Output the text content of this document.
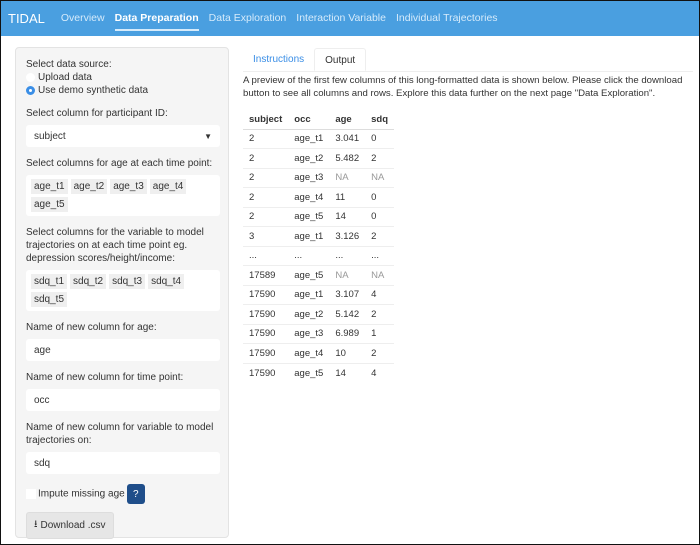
TIDAL Overview Data Preparation Data Exploration Interaction Variable Individual Trajectories
Select data source:
Upload data
Use demo synthetic data
Select column for participant ID:
subject	▼
Select columns for age at each time point:
age_t1 age_t2 age_t3 age_t4
age_t5
Select columns for the variable to model trajectories on at each time point eg. depression scores/height/income:
sdq_t1 sdq_t2 sdq_t3 sdq_t4
sdq_t5
Name of new column for age:
age
Name of new column for time point:
occ
Name of new column for variable to model trajectories on:
sdq
Impute missing age ?
⭳ Download .csv
Instructions	Output
A preview of the first few columns of this long-formatted data is shown below. Please click the download button to see all columns and rows. Explore this data further on the next page "Data Exploration".
subject	occ	age	sdq
2	age_t1	3.041	0
2	age_t2	5.482	2
2	age_t3	NA	NA
2	age_t4	11	0
2	age_t5	14	0
3	age_t1	3.126	2
...	...	...	...
17589	age_t5	NA	NA
17590	age_t1	3.107	4
17590	age_t2	5.142	2
17590	age_t3	6.989	1
17590	age_t4	10	2
17590	age_t5	14	4
